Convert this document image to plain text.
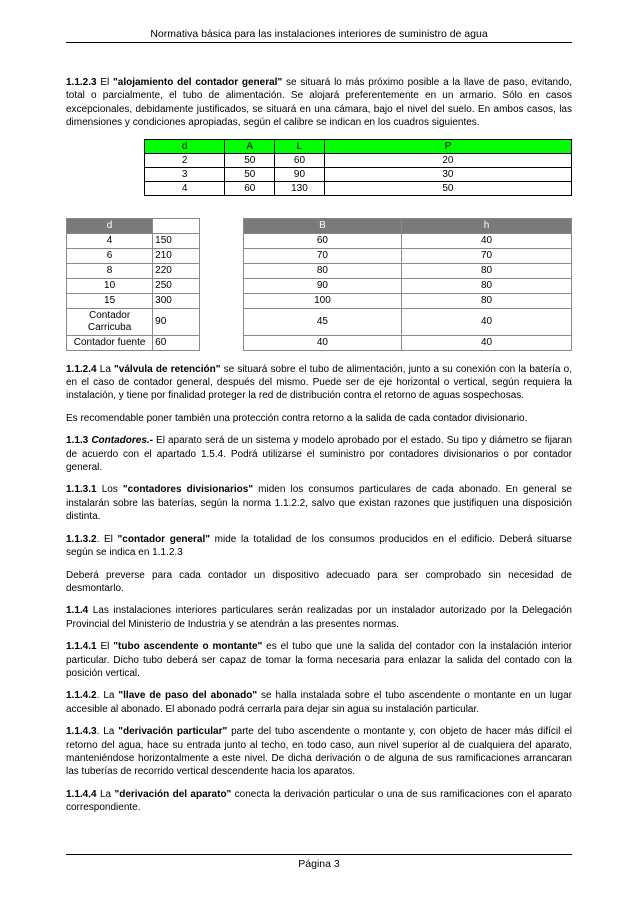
Normativa básica para las instalaciones interiores de suministro de agua

1.1.2.3 El "alojamiento del contador general" se situará lo más próximo posible a la llave de paso, evitando, total o parcialmente, el tubo de alimentación. Se alojará preferentemente en un armario. Sólo en casos excepcionales, debidamente justificados, se situará en una cámara, bajo el nivel del suelo. En ambos casos, las dimensiones y condiciones apropiadas, según el calibre se indican en los cuadros siguientes.

d	A	L	P
2	50	60	20
3	50	90	30
4	60	130	50
d	A		B	h
4	150		60	40
6	210		70	70
8	220		80	80
10	250		90	80
15	300		100	80
Contador Carricuba	90		45	40
Contador fuente	60		40	40

1.1.2.4 La "válvula de retención" se situará sobre el tubo de alimentación, junto a su conexión con la batería o, en el caso de contador general, después del mismo. Puede ser de eje horizontal o vertical, según requiera la instalación, y tiene por finalidad proteger la red de distribución contra el retorno de aguas sospechosas.

Es recomendable poner también una protección contra retorno a la salida de cada contador divisionario.

1.1.3 Contadores.- El aparato será de un sistema y modelo aprobado por el estado. Su tipo y diámetro se fijaran de acuerdo con el apartado 1.5.4. Podrá utilizarse el suministro por contadores divisionarios o por contador general.

1.1.3.1 Los "contadores divisionarios" miden los consumos particulares de cada abonado. En general se instalarán sobre las baterías, según la norma 1.1.2.2, salvo que existan razones que justifiquen una disposición distinta.

1.1.3.2. El "contador general" mide la totalidad de los consumos producidos en el edificio. Deberá situarse según se indica en 1.1.2.3

Deberá preverse para cada contador un dispositivo adecuado para ser comprobado sin necesidad de desmontarlo.

1.1.4 Las instalaciones interiores particulares serán realizadas por un instalador autorizado por la Delegación Provincial del Ministerio de Industria y se atendrán a las presentes normas.

1.1.4.1 El "tubo ascendente o montante" es el tubo que une la salida del contador con la instalación interior particular. Dicho tubo deberá ser capaz de tomar la forma necesaria para enlazar la salida del contado con la posición vertical.

1.1.4.2. La "llave de paso del abonado" se halla instalada sobre el tubo ascendente o montante en un lugar accesible al abonado. El abonado podrá cerrarla para dejar sin agua su instalación particular.

1.1.4.3. La "derivación particular" parte del tubo ascendente o montante y, con objeto de hacer más difícil el retorno del agua, hace su entrada junto al techo, en todo caso, aun nivel superior al de cualquiera del aparato, manteniéndose horizontalmente a este nivel. De dicha derivación o de alguna de sus ramificaciones arrancaran las tuberías de recorrido vertical descendente hacia los aparatos.

1.1.4.4 La "derivación del aparato" conecta la derivación particular o una de sus ramificaciones con el aparato correspondiente.

Página 3
